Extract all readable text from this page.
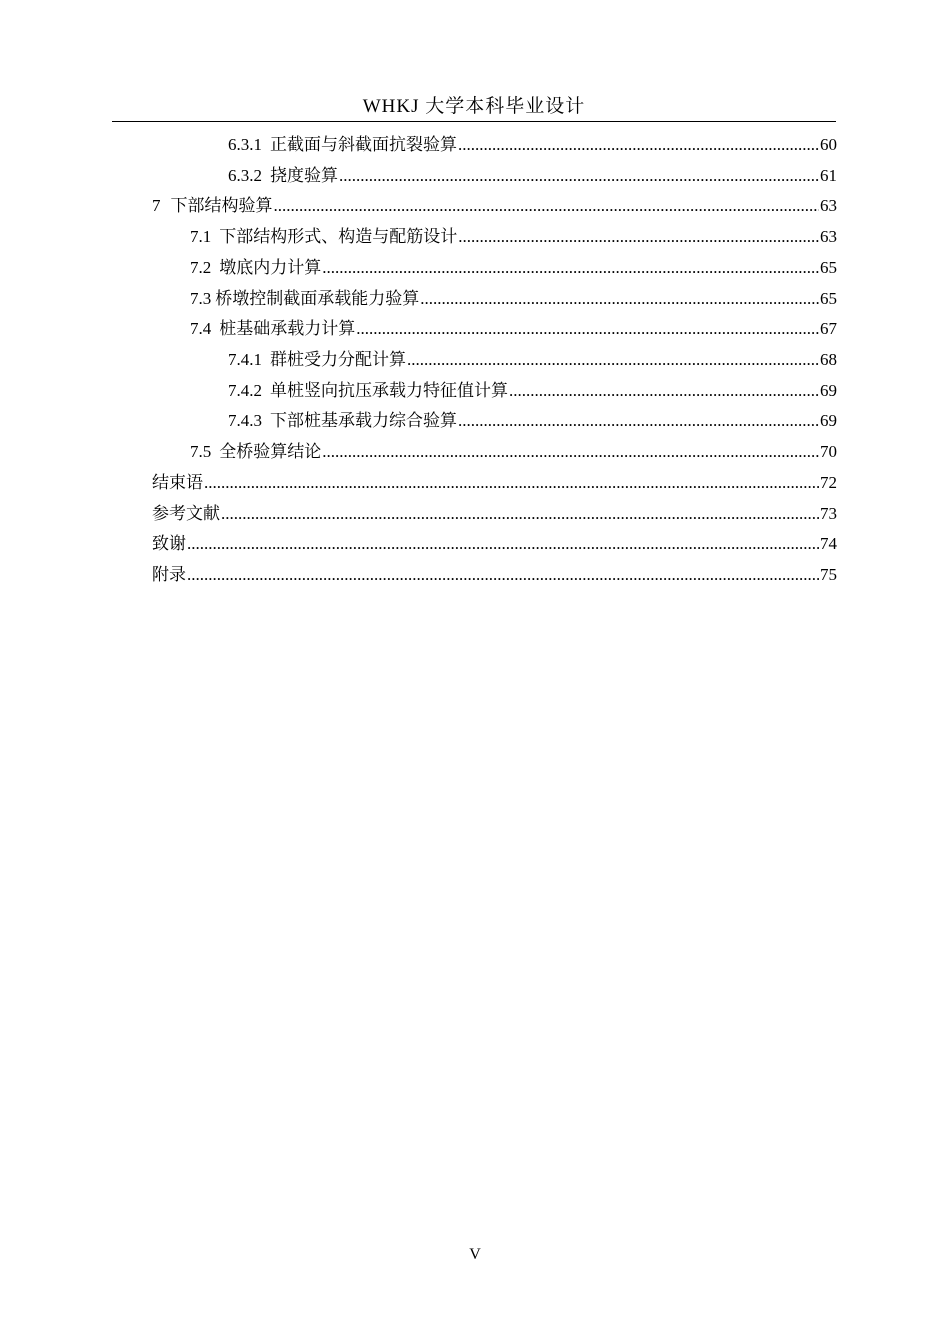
WHKJ 大学本科毕业设计
6.3.1 正截面与斜截面抗裂验算 .....	60
6.3.2 挠度验算 .....	61
7 下部结构验算 .....	63
7.1 下部结构形式、构造与配筋设计 .....	63
7.2 墩底内力计算 .....	65
7.3 桥墩控制截面承载能力验算 .....	65
7.4 桩基础承载力计算 .....	67
7.4.1 群桩受力分配计算 .....	68
7.4.2 单桩竖向抗压承载力特征值计算 .....	69
7.4.3 下部桩基承载力综合验算 .....	69
7.5 全桥验算结论 .....	70
结束语 .....	72
参考文献 .....	73
致谢 .....	74
附录 .....	75
V
